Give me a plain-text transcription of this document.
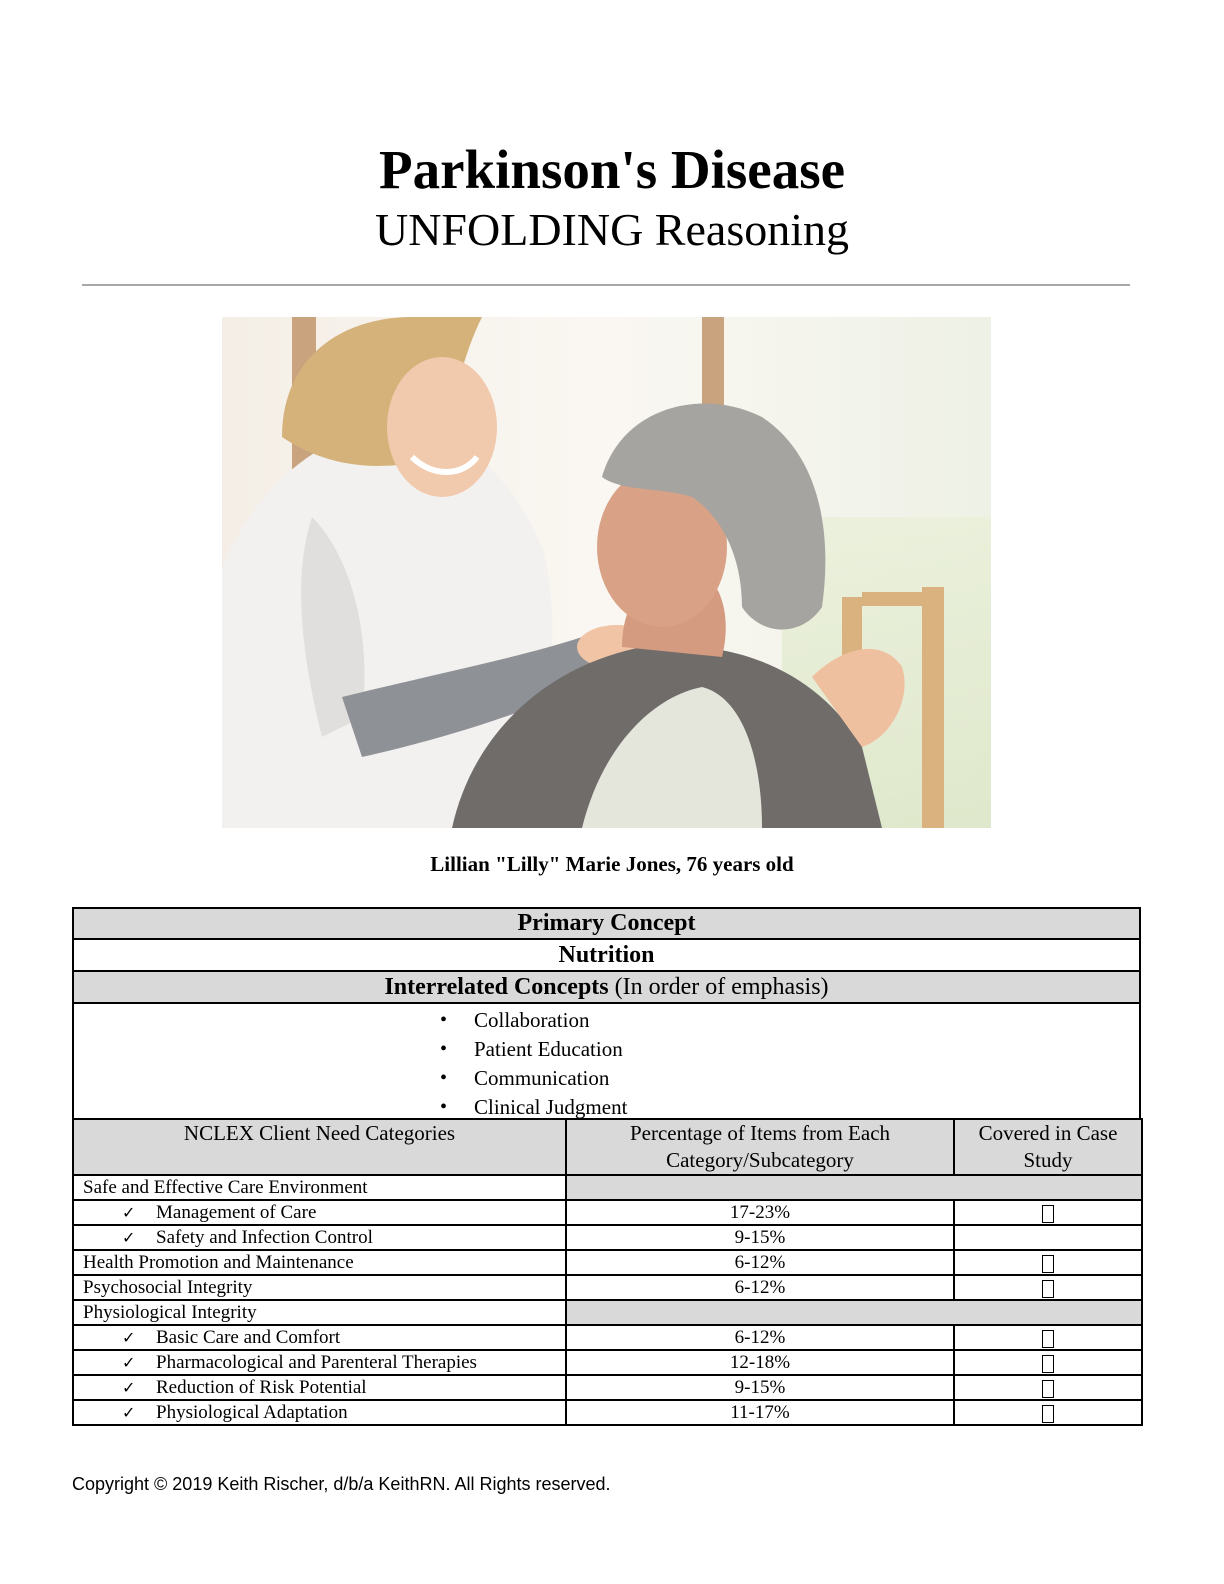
Parkinson's Disease
UNFOLDING Reasoning
Lillian "Lilly" Marie Jones, 76 years old
Primary Concept
Nutrition
Interrelated Concepts (In order of emphasis)

• Collaboration
• Patient Education
• Communication
• Clinical Judgment
NCLEX Client Need Categories	Percentage of Items from Each Category/Subcategory	Covered in Case Study
Safe and Effective Care Environment		
✓ Management of Care	17-23%	
✓ Safety and Infection Control	9-15%	
Health Promotion and Maintenance	6-12%	
Psychosocial Integrity	6-12%	
Physiological Integrity		
✓ Basic Care and Comfort	6-12%	
✓ Pharmacological and Parenteral Therapies	12-18%	
✓ Reduction of Risk Potential	9-15%	
✓ Physiological Adaptation	11-17%	
Copyright © 2019 Keith Rischer, d/b/a KeithRN. All Rights reserved.
